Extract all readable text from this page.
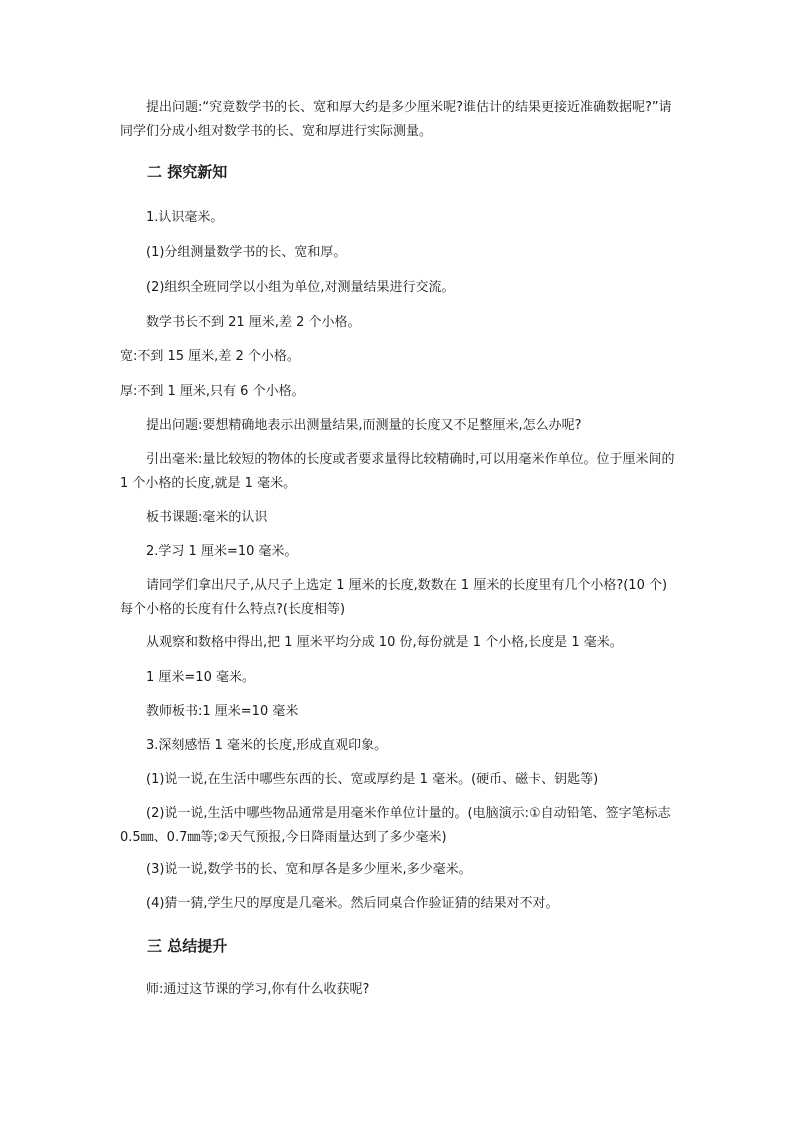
提出问题:“究竟数学书的长、宽和厚大约是多少厘米呢?谁估计的结果更接近准确数据呢?”请同学们分成小组对数学书的长、宽和厚进行实际测量。

二 探究新知

1.认识毫米。

(1)分组测量数学书的长、宽和厚。

(2)组织全班同学以小组为单位,对测量结果进行交流。

数学书长不到 21 厘米,差 2 个小格。

宽:不到 15 厘米,差 2 个小格。

厚:不到 1 厘米,只有 6 个小格。

提出问题:要想精确地表示出测量结果,而测量的长度又不足整厘米,怎么办呢?

引出毫米:量比较短的物体的长度或者要求量得比较精确时,可以用毫米作单位。位于厘米间的 1 个小格的长度,就是 1 毫米。

板书课题:毫米的认识

2.学习 1 厘米=10 毫米。

请同学们拿出尺子,从尺子上选定 1 厘米的长度,数数在 1 厘米的长度里有几个小格?(10 个)每个小格的长度有什么特点?(长度相等)

从观察和数格中得出,把 1 厘米平均分成 10 份,每份就是 1 个小格,长度是 1 毫米。

1 厘米=10 毫米。

教师板书:1 厘米=10 毫米

3.深刻感悟 1 毫米的长度,形成直观印象。

(1)说一说,在生活中哪些东西的长、宽或厚约是 1 毫米。(硬币、磁卡、钥匙等)

(2)说一说,生活中哪些物品通常是用毫米作单位计量的。(电脑演示:①自动铅笔、签字笔标志 0.5㎜、0.7㎜等;②天气预报,今日降雨量达到了多少毫米)

(3)说一说,数学书的长、宽和厚各是多少厘米,多少毫米。

(4)猜一猜,学生尺的厚度是几毫米。然后同桌合作验证猜的结果对不对。

三 总结提升

师:通过这节课的学习,你有什么收获呢?
